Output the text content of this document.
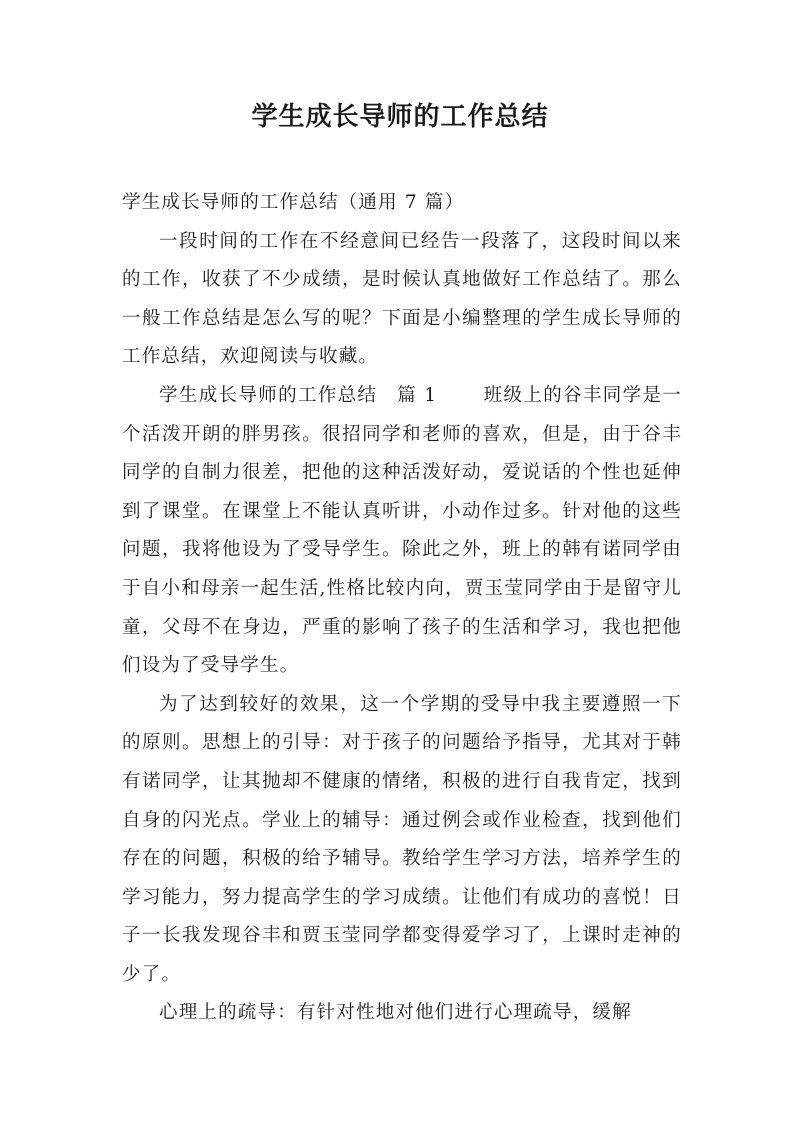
学生成长导师的工作总结

学生成长导师的工作总结（通用 7 篇）

一段时间的工作在不经意间已经告一段落了，这段时间以来的工作，收获了不少成绩，是时候认真地做好工作总结了。那么一般工作总结是怎么写的呢？下面是小编整理的学生成长导师的工作总结，欢迎阅读与收藏。

学生成长导师的工作总结　篇 1	班级上的谷丰同学是一个活泼开朗的胖男孩。很招同学和老师的喜欢，但是，由于谷丰同学的自制力很差，把他的这种活泼好动，爱说话的个性也延伸到了课堂。在课堂上不能认真听讲，小动作过多。针对他的这些问题，我将他设为了受导学生。除此之外，班上的韩有诺同学由于自小和母亲一起生活,性格比较内向，贾玉莹同学由于是留守儿童，父母不在身边，严重的影响了孩子的生活和学习，我也把他们设为了受导学生。

为了达到较好的效果，这一个学期的受导中我主要遵照一下的原则。思想上的引导：对于孩子的问题给予指导，尤其对于韩有诺同学，让其抛却不健康的情绪，积极的进行自我肯定，找到自身的闪光点。学业上的辅导：通过例会或作业检查，找到他们存在的问题，积极的给予辅导。教给学生学习方法，培养学生的学习能力，努力提高学生的学习成绩。让他们有成功的喜悦！日子一长我发现谷丰和贾玉莹同学都变得爱学习了，上课时走神的少了。

心理上的疏导：有针对性地对他们进行心理疏导，缓解
